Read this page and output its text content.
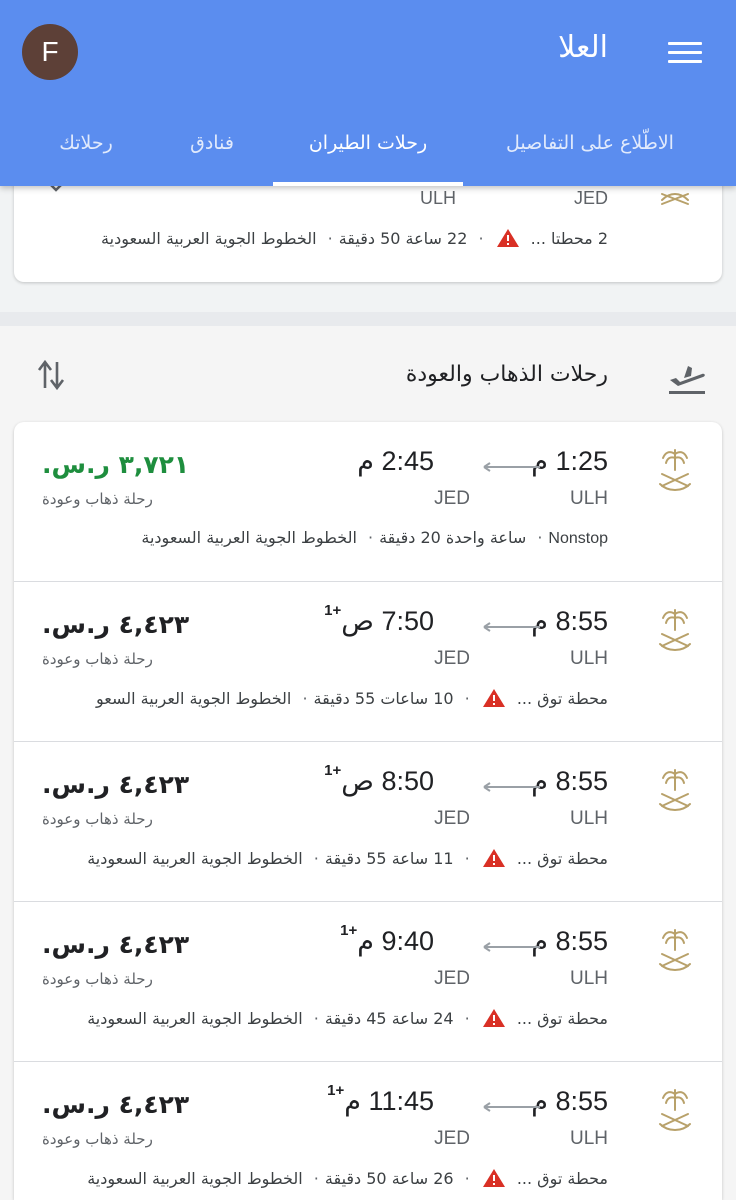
العلا
F
الاطّلاع على التفاصيل
رحلات الطيران
فنادق
رحلاتك
JED
ULH
2 محطتا ... · 22 ساعة 50 دقيقة· الخطوط الجوية العربية السعودية
رحلات الذهاب والعودة
1:25 م
2:45 م
ULH
JED
٣,٧٢١ ر.س.
رحلة ذهاب وعودة
Nonstop· ساعة واحدة 20 دقيقة· الخطوط الجوية العربية السعودية
8:55 م
7:50 ص$^{+1}$
ULH
JED
٤,٤٢٣ ر.س.
رحلة ذهاب وعودة
محطة توق ... · 10 ساعات 55 دقيقة· الخطوط الجوية العربية السعو
8:55 م
8:50 ص$^{+1}$
ULH
JED
٤,٤٢٣ ر.س.
رحلة ذهاب وعودة
محطة توق ... · 11 ساعة 55 دقيقة· الخطوط الجوية العربية السعودية
8:55 م
9:40 م$^{+1}$
ULH
JED
٤,٤٢٣ ر.س.
رحلة ذهاب وعودة
محطة توق ... · 24 ساعة 45 دقيقة· الخطوط الجوية العربية السعودية
8:55 م
11:45 م$^{+1}$
ULH
JED
٤,٤٢٣ ر.س.
رحلة ذهاب وعودة
محطة توق ... · 26 ساعة 50 دقيقة· الخطوط الجوية العربية السعودية
